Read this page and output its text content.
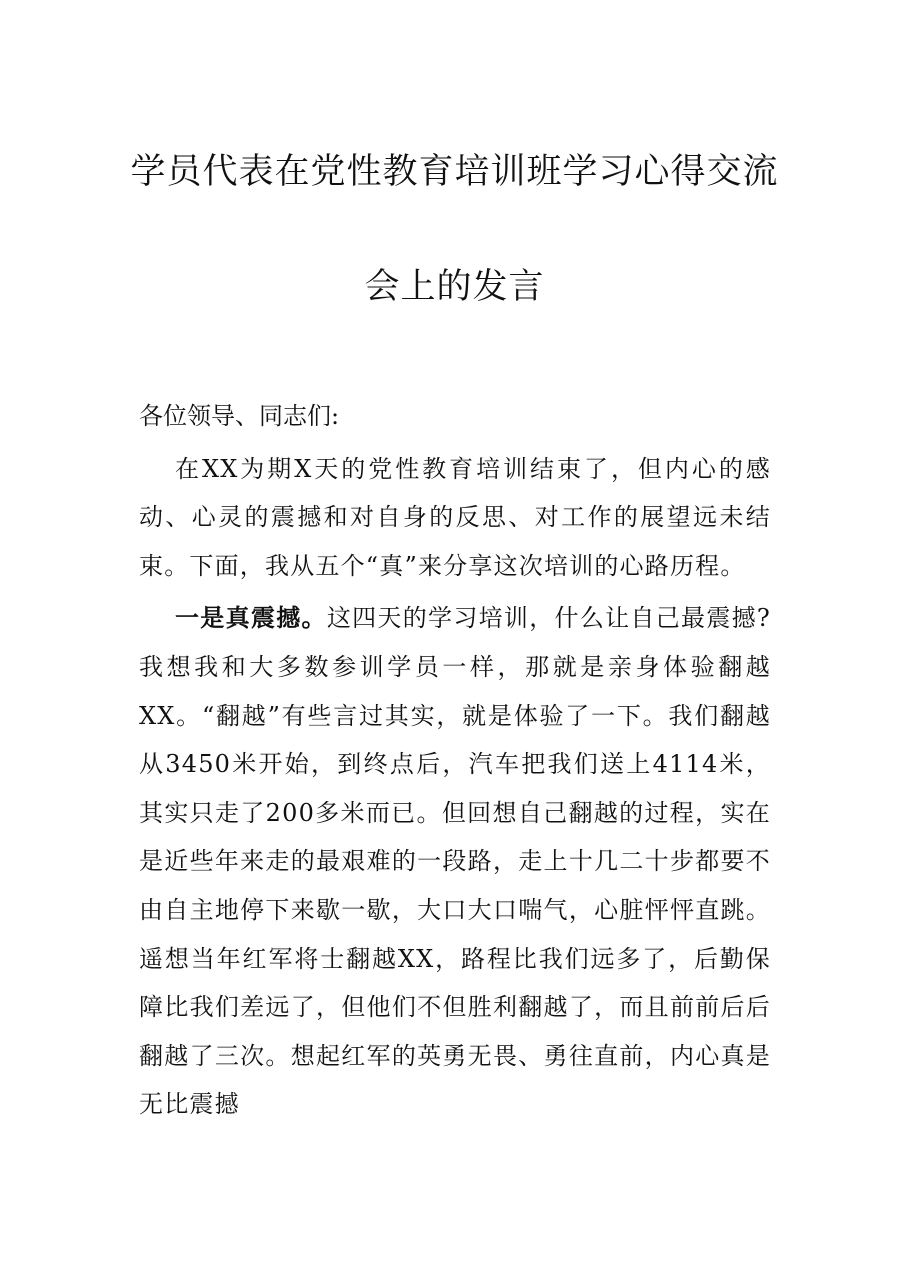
学员代表在党性教育培训班学习心得交流
会上的发言

各位领导、同志们:

在XX为期X天的党性教育培训结束了，但内心的感动、心灵的震撼和对自身的反思、对工作的展望远未结束。下面，我从五个“真”来分享这次培训的心路历程。

一是真震撼。这四天的学习培训，什么让自己最震撼?我想我和大多数参训学员一样，那就是亲身体验翻越XX。“翻越”有些言过其实，就是体验了一下。我们翻越从3450米开始，到终点后，汽车把我们送上4114米，其实只走了200多米而已。但回想自己翻越的过程，实在是近些年来走的最艰难的一段路，走上十几二十步都要不由自主地停下来歇一歇，大口大口喘气，心脏怦怦直跳。遥想当年红军将士翻越XX，路程比我们远多了，后勤保障比我们差远了，但他们不但胜利翻越了，而且前前后后翻越了三次。想起红军的英勇无畏、勇往直前，内心真是无比震撼
